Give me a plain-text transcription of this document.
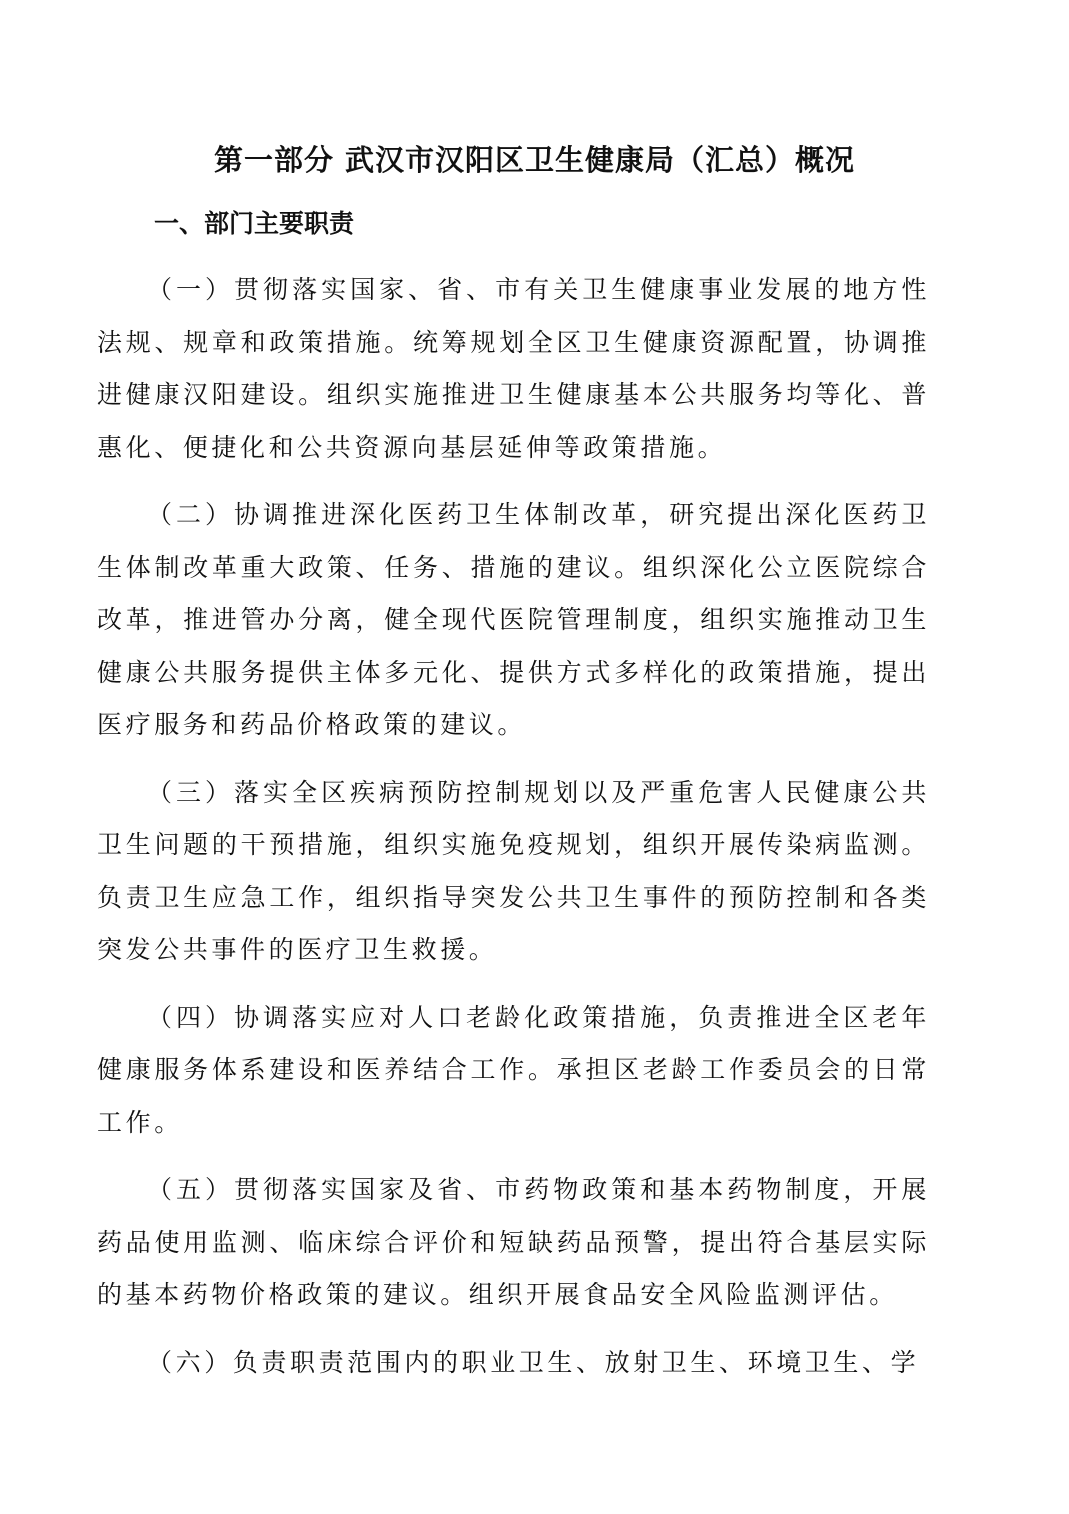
第一部分 武汉市汉阳区卫生健康局（汇总）概况
一、部门主要职责

（一）贯彻落实国家、省、市有关卫生健康事业发展的地方性法规、规章和政策措施。统筹规划全区卫生健康资源配置，协调推进健康汉阳建设。组织实施推进卫生健康基本公共服务均等化、普惠化、便捷化和公共资源向基层延伸等政策措施。

（二）协调推进深化医药卫生体制改革，研究提出深化医药卫生体制改革重大政策、任务、措施的建议。组织深化公立医院综合改革，推进管办分离，健全现代医院管理制度，组织实施推动卫生健康公共服务提供主体多元化、提供方式多样化的政策措施，提出医疗服务和药品价格政策的建议。

（三）落实全区疾病预防控制规划以及严重危害人民健康公共卫生问题的干预措施，组织实施免疫规划，组织开展传染病监测。负责卫生应急工作，组织指导突发公共卫生事件的预防控制和各类突发公共事件的医疗卫生救援。

（四）协调落实应对人口老龄化政策措施，负责推进全区老年健康服务体系建设和医养结合工作。承担区老龄工作委员会的日常工作。

（五）贯彻落实国家及省、市药物政策和基本药物制度，开展药品使用监测、临床综合评价和短缺药品预警，提出符合基层实际的基本药物价格政策的建议。组织开展食品安全风险监测评估。

（六）负责职责范围内的职业卫生、放射卫生、环境卫生、学
